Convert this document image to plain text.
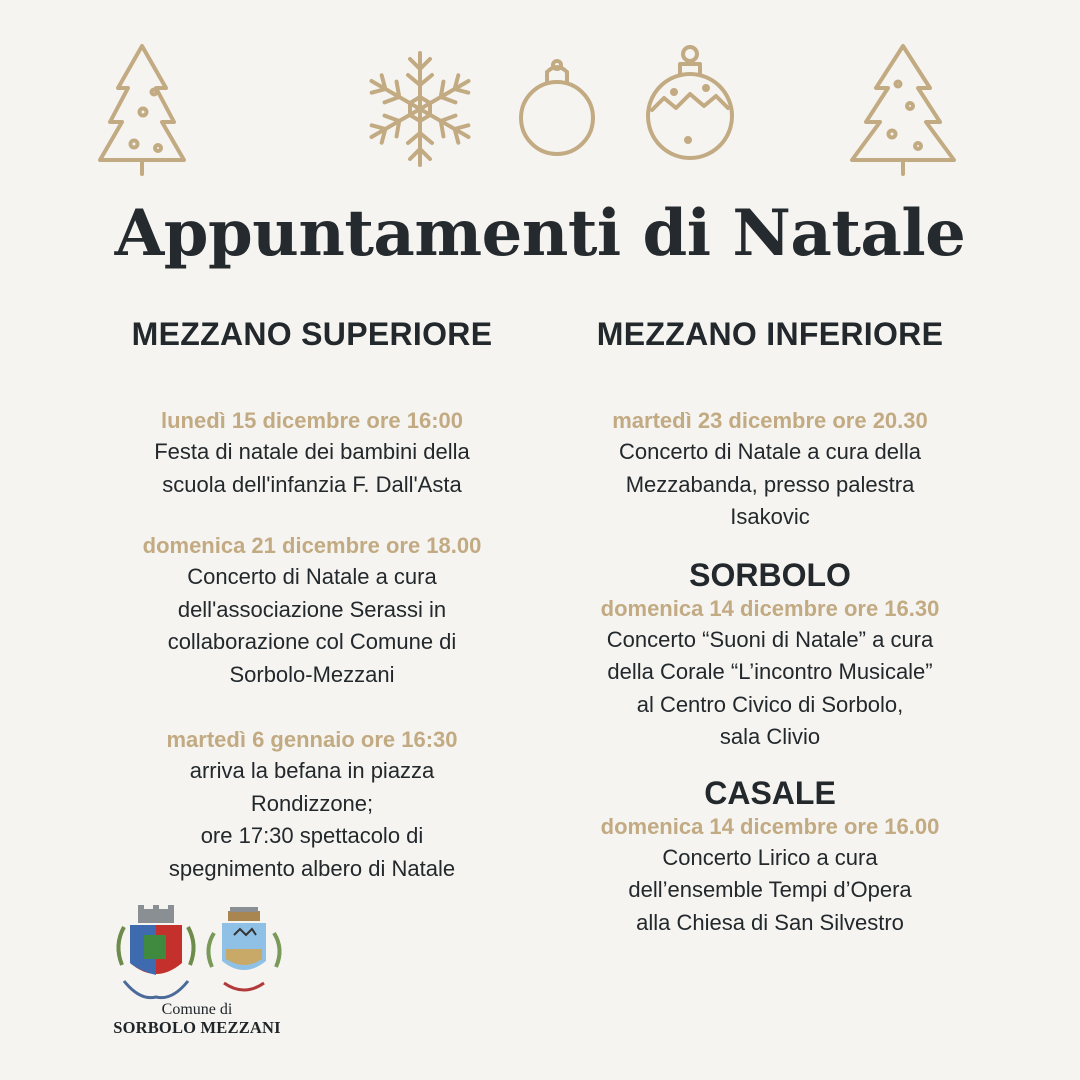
Appuntamenti di Natale
MEZZANO SUPERIORE
lunedì 15 dicembre ore 16:00
Festa di natale dei bambini della
scuola dell'infanzia F. Dall'Asta
domenica 21 dicembre ore 18.00
Concerto di Natale a cura
dell'associazione Serassi in
collaborazione col Comune di
Sorbolo-Mezzani
martedì 6 gennaio ore 16:30
arriva la befana in piazza
Rondizzone;
ore 17:30 spettacolo di
spegnimento albero di Natale
MEZZANO INFERIORE
martedì 23 dicembre ore 20.30
Concerto di Natale a cura della
Mezzabanda, presso palestra
Isakovic
SORBOLO
domenica 14 dicembre ore 16.30
Concerto “Suoni di Natale” a cura
della Corale “L’incontro Musicale”
al Centro Civico di Sorbolo,
sala Clivio
CASALE
domenica 14 dicembre ore 16.00
Concerto Lirico a cura
dell’ensemble Tempi d’Opera
alla Chiesa di San Silvestro
Comune di
SORBOLO MEZZANI
